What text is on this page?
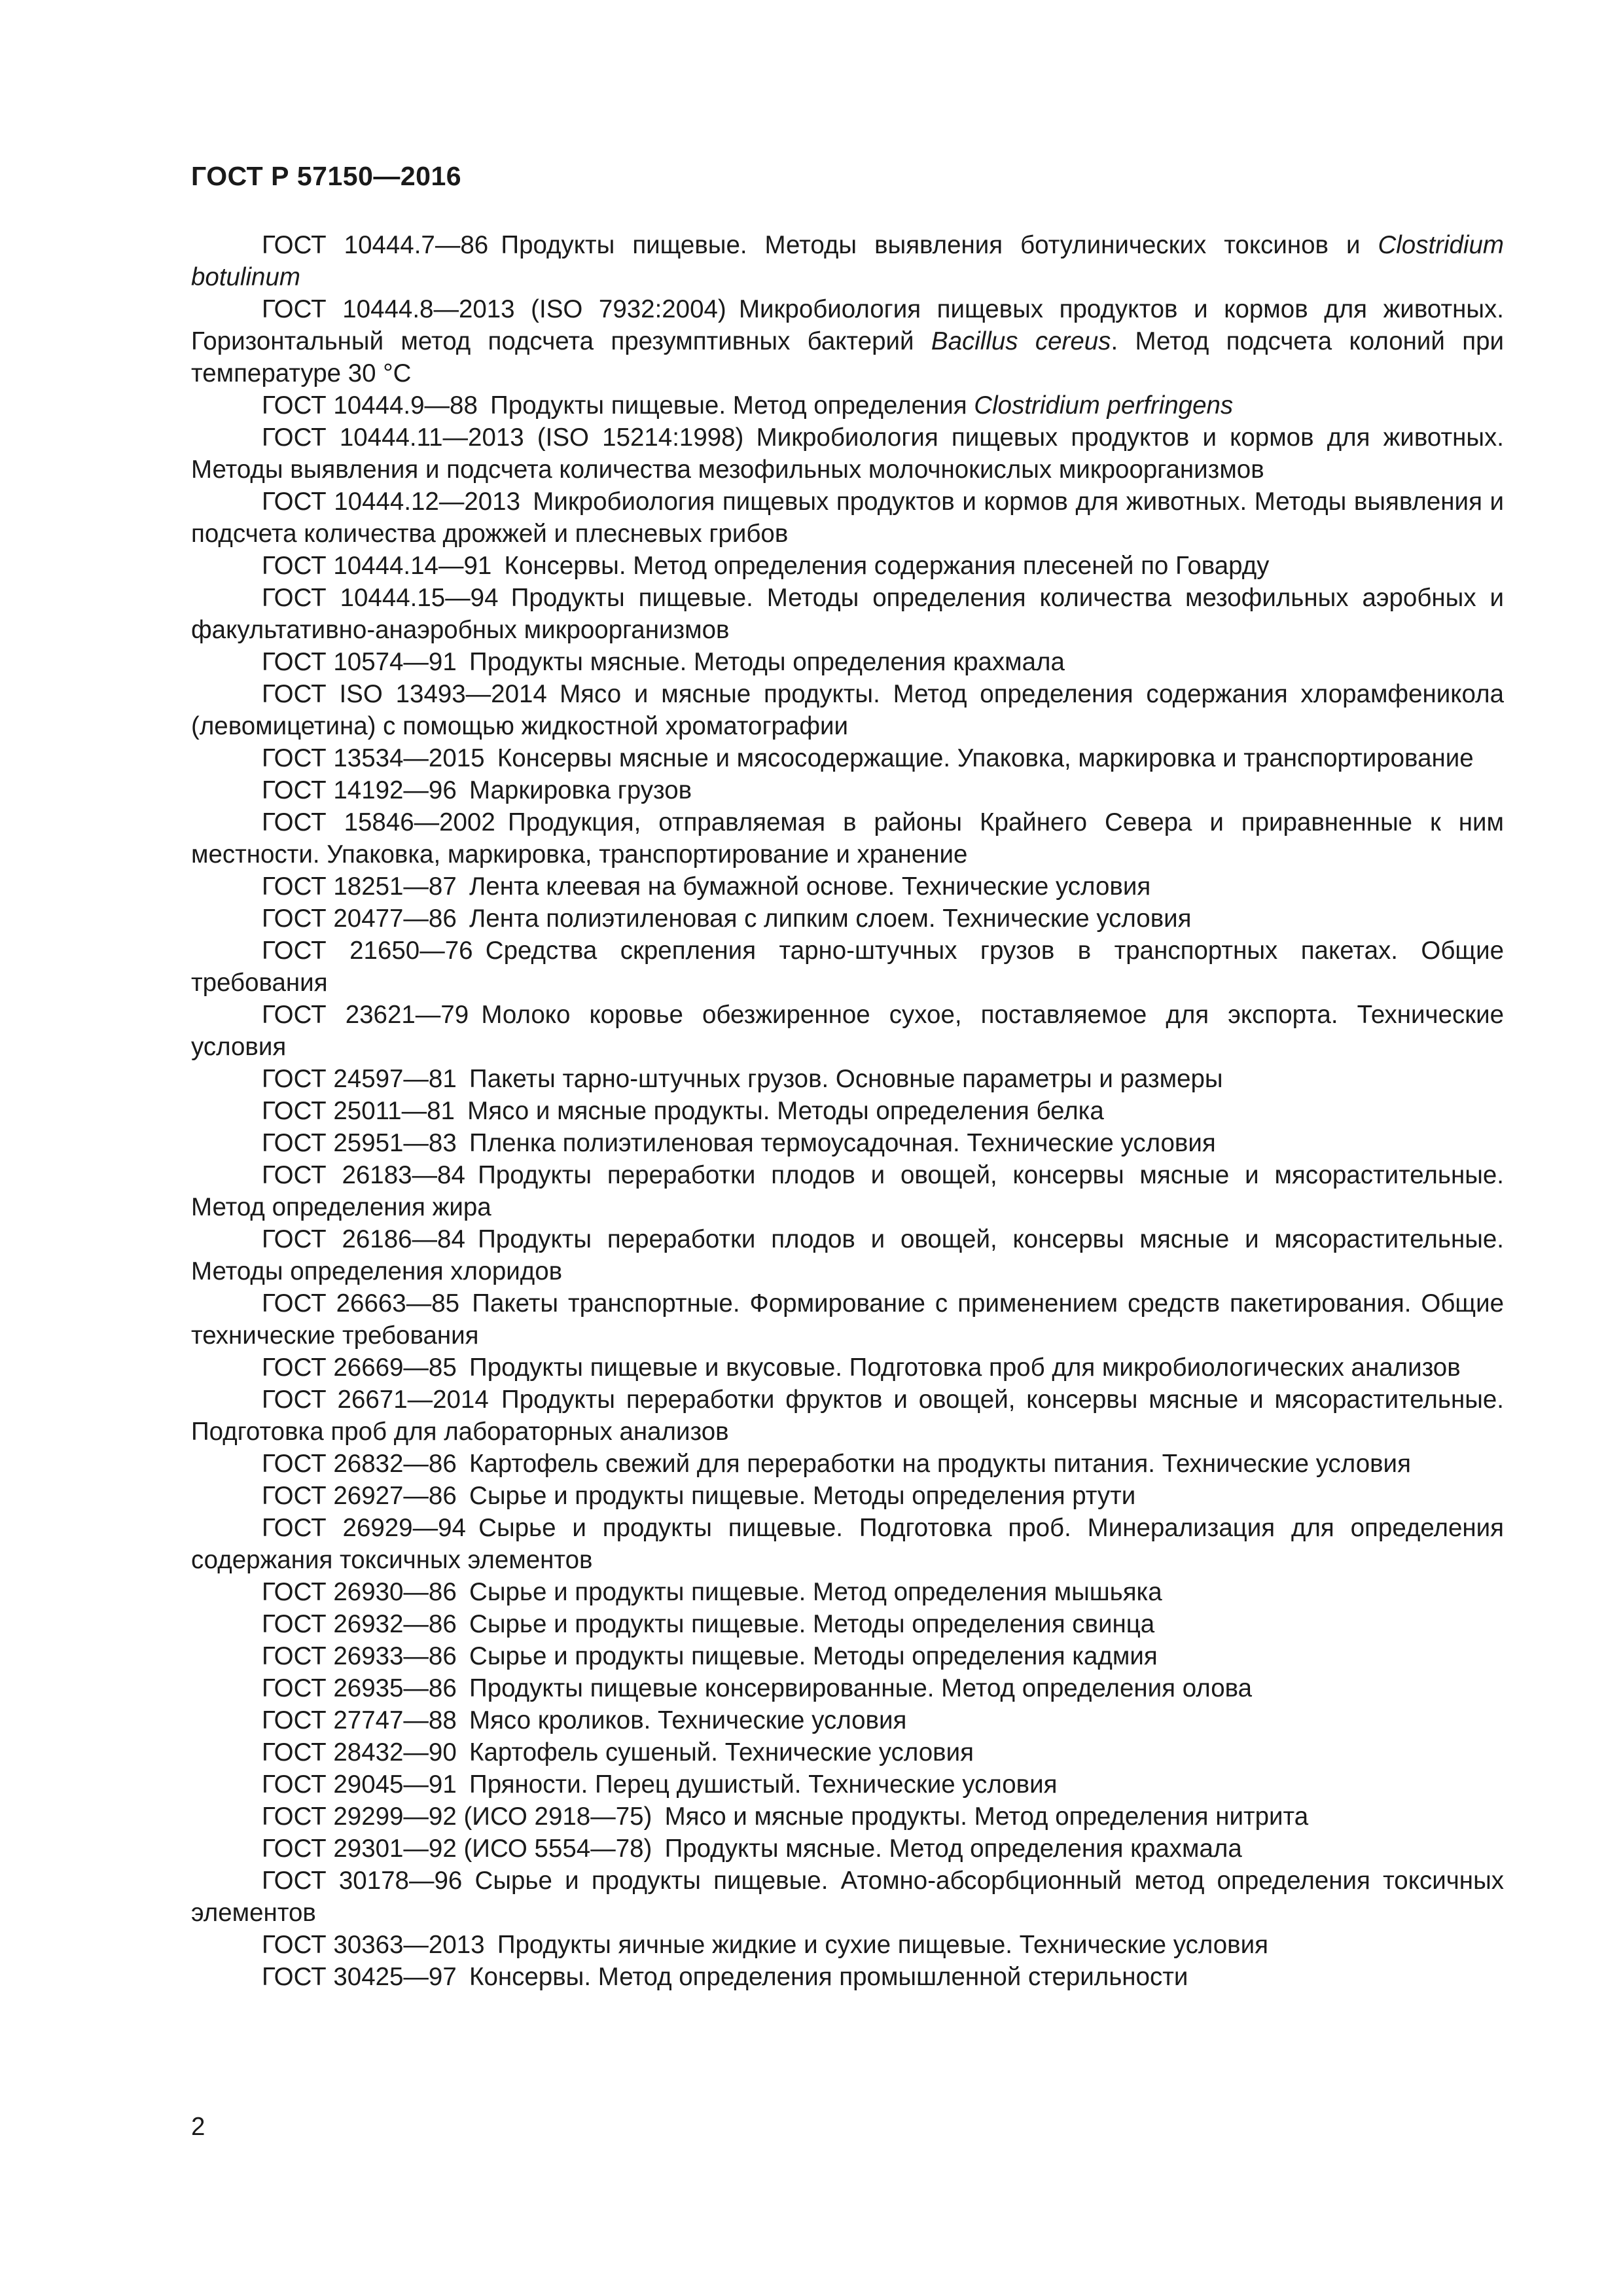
ГОСТ Р 57150—2016

ГОСТ 10444.7—86  Продукты пищевые. Методы выявления ботулинических токсинов и Clostridium botulinum

ГОСТ 10444.8—2013 (ISO 7932:2004)  Микробиология пищевых продуктов и кормов для животных. Горизонтальный метод подсчета презумптивных бактерий Bacillus cereus. Метод подсчета колоний при температуре 30 °С

ГОСТ 10444.9—88  Продукты пищевые. Метод определения Clostridium perfringens

ГОСТ 10444.11—2013 (ISO 15214:1998)  Микробиология пищевых продуктов и кормов для животных. Методы выявления и подсчета количества мезофильных молочнокислых микроорганизмов

ГОСТ 10444.12—2013  Микробиология пищевых продуктов и кормов для животных. Методы выявления и подсчета количества дрожжей и плесневых грибов

ГОСТ 10444.14—91  Консервы. Метод определения содержания плесеней по Говарду

ГОСТ 10444.15—94  Продукты пищевые. Методы определения количества мезофильных аэробных и факультативно-анаэробных микроорганизмов

ГОСТ 10574—91  Продукты мясные. Методы определения крахмала

ГОСТ ISO 13493—2014  Мясо и мясные продукты. Метод определения содержания хлорамфеникола (левомицетина) с помощью жидкостной хроматографии

ГОСТ 13534—2015  Консервы мясные и мясосодержащие. Упаковка, маркировка и транспортирование

ГОСТ 14192—96  Маркировка грузов

ГОСТ 15846—2002  Продукция, отправляемая в районы Крайнего Севера и приравненные к ним местности. Упаковка, маркировка, транспортирование и хранение

ГОСТ 18251—87  Лента клеевая на бумажной основе. Технические условия

ГОСТ 20477—86  Лента полиэтиленовая с липким слоем. Технические условия

ГОСТ 21650—76  Средства скрепления тарно-штучных грузов в транспортных пакетах. Общие требования

ГОСТ 23621—79  Молоко коровье обезжиренное сухое, поставляемое для экспорта. Технические условия

ГОСТ 24597—81  Пакеты тарно-штучных грузов. Основные параметры и размеры

ГОСТ 25011—81  Мясо и мясные продукты. Методы определения белка

ГОСТ 25951—83  Пленка полиэтиленовая термоусадочная. Технические условия

ГОСТ 26183—84  Продукты переработки плодов и овощей, консервы мясные и мясорастительные. Метод определения жира

ГОСТ 26186—84  Продукты переработки плодов и овощей, консервы мясные и мясорастительные. Методы определения хлоридов

ГОСТ 26663—85  Пакеты транспортные. Формирование с применением средств пакетирования. Общие технические требования

ГОСТ 26669—85  Продукты пищевые и вкусовые. Подготовка проб для микробиологических анализов

ГОСТ 26671—2014  Продукты переработки фруктов и овощей, консервы мясные и мясорастительные. Подготовка проб для лабораторных анализов

ГОСТ 26832—86  Картофель свежий для переработки на продукты питания. Технические условия

ГОСТ 26927—86  Сырье и продукты пищевые. Методы определения ртути

ГОСТ 26929—94  Сырье и продукты пищевые. Подготовка проб. Минерализация для определения содержания токсичных элементов

ГОСТ 26930—86  Сырье и продукты пищевые. Метод определения мышьяка

ГОСТ 26932—86  Сырье и продукты пищевые. Методы определения свинца

ГОСТ 26933—86  Сырье и продукты пищевые. Методы определения кадмия

ГОСТ 26935—86  Продукты пищевые консервированные. Метод определения олова

ГОСТ 27747—88  Мясо кроликов. Технические условия

ГОСТ 28432—90  Картофель сушеный. Технические условия

ГОСТ 29045—91  Пряности. Перец душистый. Технические условия

ГОСТ 29299—92 (ИСО 2918—75)  Мясо и мясные продукты. Метод определения нитрита

ГОСТ 29301—92 (ИСО 5554—78)  Продукты мясные. Метод определения крахмала

ГОСТ 30178—96  Сырье и продукты пищевые. Атомно-абсорбционный метод определения токсичных элементов

ГОСТ 30363—2013  Продукты яичные жидкие и сухие пищевые. Технические условия

ГОСТ 30425—97  Консервы. Метод определения промышленной стерильности

2
